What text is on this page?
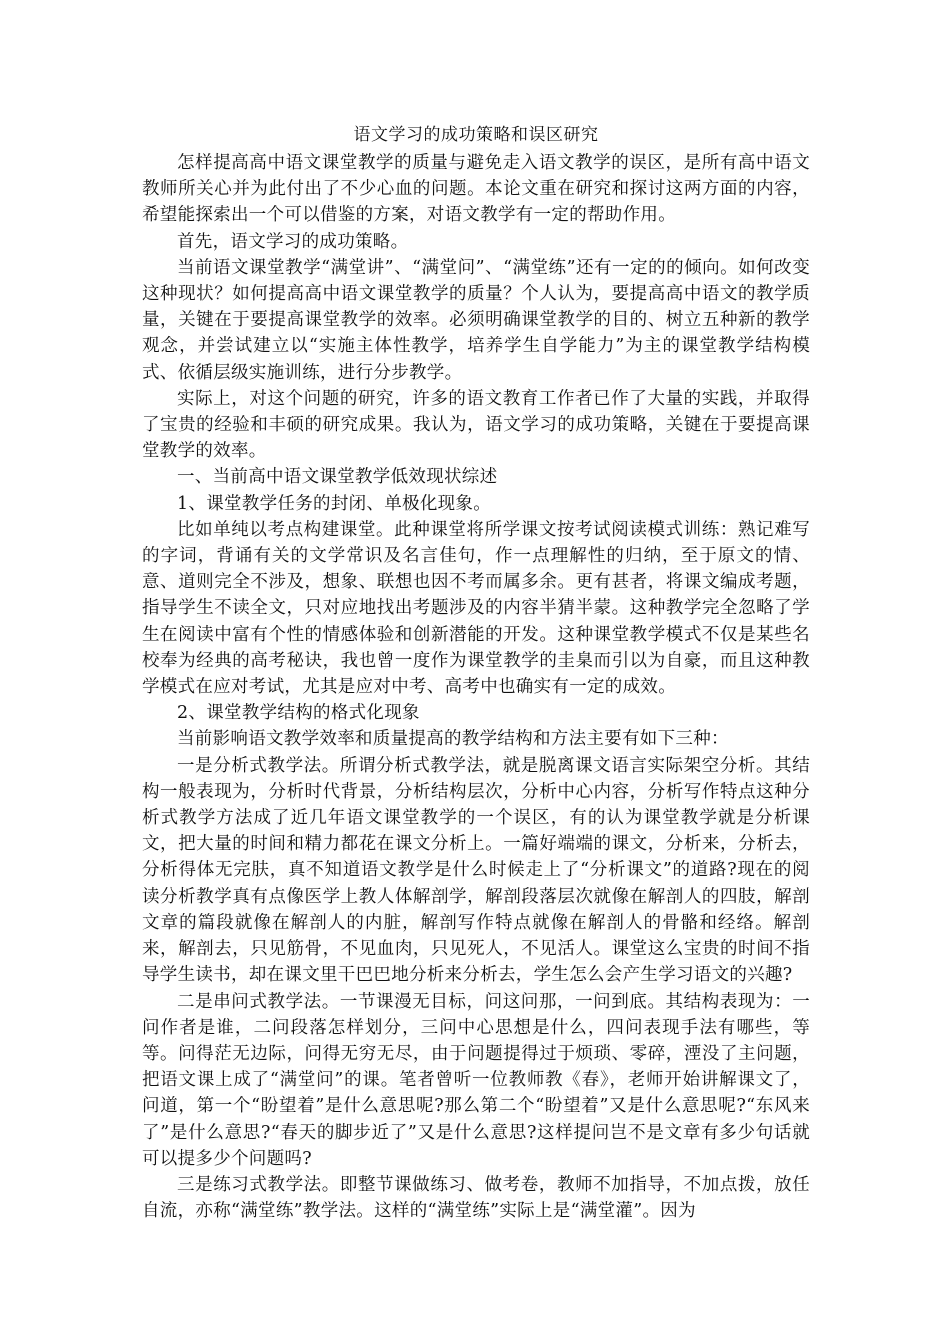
语文学习的成功策略和误区研究

怎样提高高中语文课堂教学的质量与避免走入语文教学的误区，是所有高中语文教师所关心并为此付出了不少心血的问题。本论文重在研究和探讨这两方面的内容，希望能探索出一个可以借鉴的方案，对语文教学有一定的帮助作用。

首先，语文学习的成功策略。

当前语文课堂教学“满堂讲”、“满堂问”、“满堂练”还有一定的的倾向。如何改变这种现状？如何提高高中语文课堂教学的质量？个人认为，要提高高中语文的教学质量，关键在于要提高课堂教学的效率。必须明确课堂教学的目的、树立五种新的教学观念，并尝试建立以“实施主体性教学，培养学生自学能力”为主的课堂教学结构模式、依循层级实施训练，进行分步教学。

实际上，对这个问题的研究，许多的语文教育工作者已作了大量的实践，并取得了宝贵的经验和丰硕的研究成果。我认为，语文学习的成功策略，关键在于要提高课堂教学的效率。

一、当前高中语文课堂教学低效现状综述

1、课堂教学任务的封闭、单极化现象。

比如单纯以考点构建课堂。此种课堂将所学课文按考试阅读模式训练：熟记难写的字词，背诵有关的文学常识及名言佳句，作一点理解性的归纳，至于原文的情、意、道则完全不涉及，想象、联想也因不考而属多余。更有甚者，将课文编成考题，指导学生不读全文，只对应地找出考题涉及的内容半猜半蒙。这种教学完全忽略了学生在阅读中富有个性的情感体验和创新潜能的开发。这种课堂教学模式不仅是某些名校奉为经典的高考秘诀，我也曾一度作为课堂教学的圭臬而引以为自豪，而且这种教学模式在应对考试，尤其是应对中考、高考中也确实有一定的成效。

2、课堂教学结构的格式化现象

当前影响语文教学效率和质量提高的教学结构和方法主要有如下三种：

一是分析式教学法。所谓分析式教学法，就是脱离课文语言实际架空分析。其结构一般表现为，分析时代背景，分析结构层次，分析中心内容，分析写作特点这种分析式教学方法成了近几年语文课堂教学的一个误区，有的认为课堂教学就是分析课文，把大量的时间和精力都花在课文分析上。一篇好端端的课文，分析来，分析去，分析得体无完肤，真不知道语文教学是什么时候走上了“分析课文”的道路?现在的阅读分析教学真有点像医学上教人体解剖学，解剖段落层次就像在解剖人的四肢，解剖文章的篇段就像在解剖人的内脏，解剖写作特点就像在解剖人的骨骼和经络。解剖来，解剖去，只见筋骨，不见血肉，只见死人，不见活人。课堂这么宝贵的时间不指导学生读书，却在课文里干巴巴地分析来分析去，学生怎么会产生学习语文的兴趣?

二是串问式教学法。一节课漫无目标，问这问那，一问到底。其结构表现为：一问作者是谁，二问段落怎样划分，三问中心思想是什么，四问表现手法有哪些，等等。问得茫无边际，问得无穷无尽，由于问题提得过于烦琐、零碎，湮没了主问题，把语文课上成了“满堂问”的课。笔者曾听一位教师教《春》，老师开始讲解课文了，问道，第一个“盼望着”是什么意思呢?那么第二个“盼望着”又是什么意思呢?“东风来了”是什么意思?“春天的脚步近了”又是什么意思?这样提问岂不是文章有多少句话就可以提多少个问题吗?

三是练习式教学法。即整节课做练习、做考卷，教师不加指导，不加点拨，放任自流，亦称“满堂练”教学法。这样的“满堂练”实际上是“满堂灌”。因为
